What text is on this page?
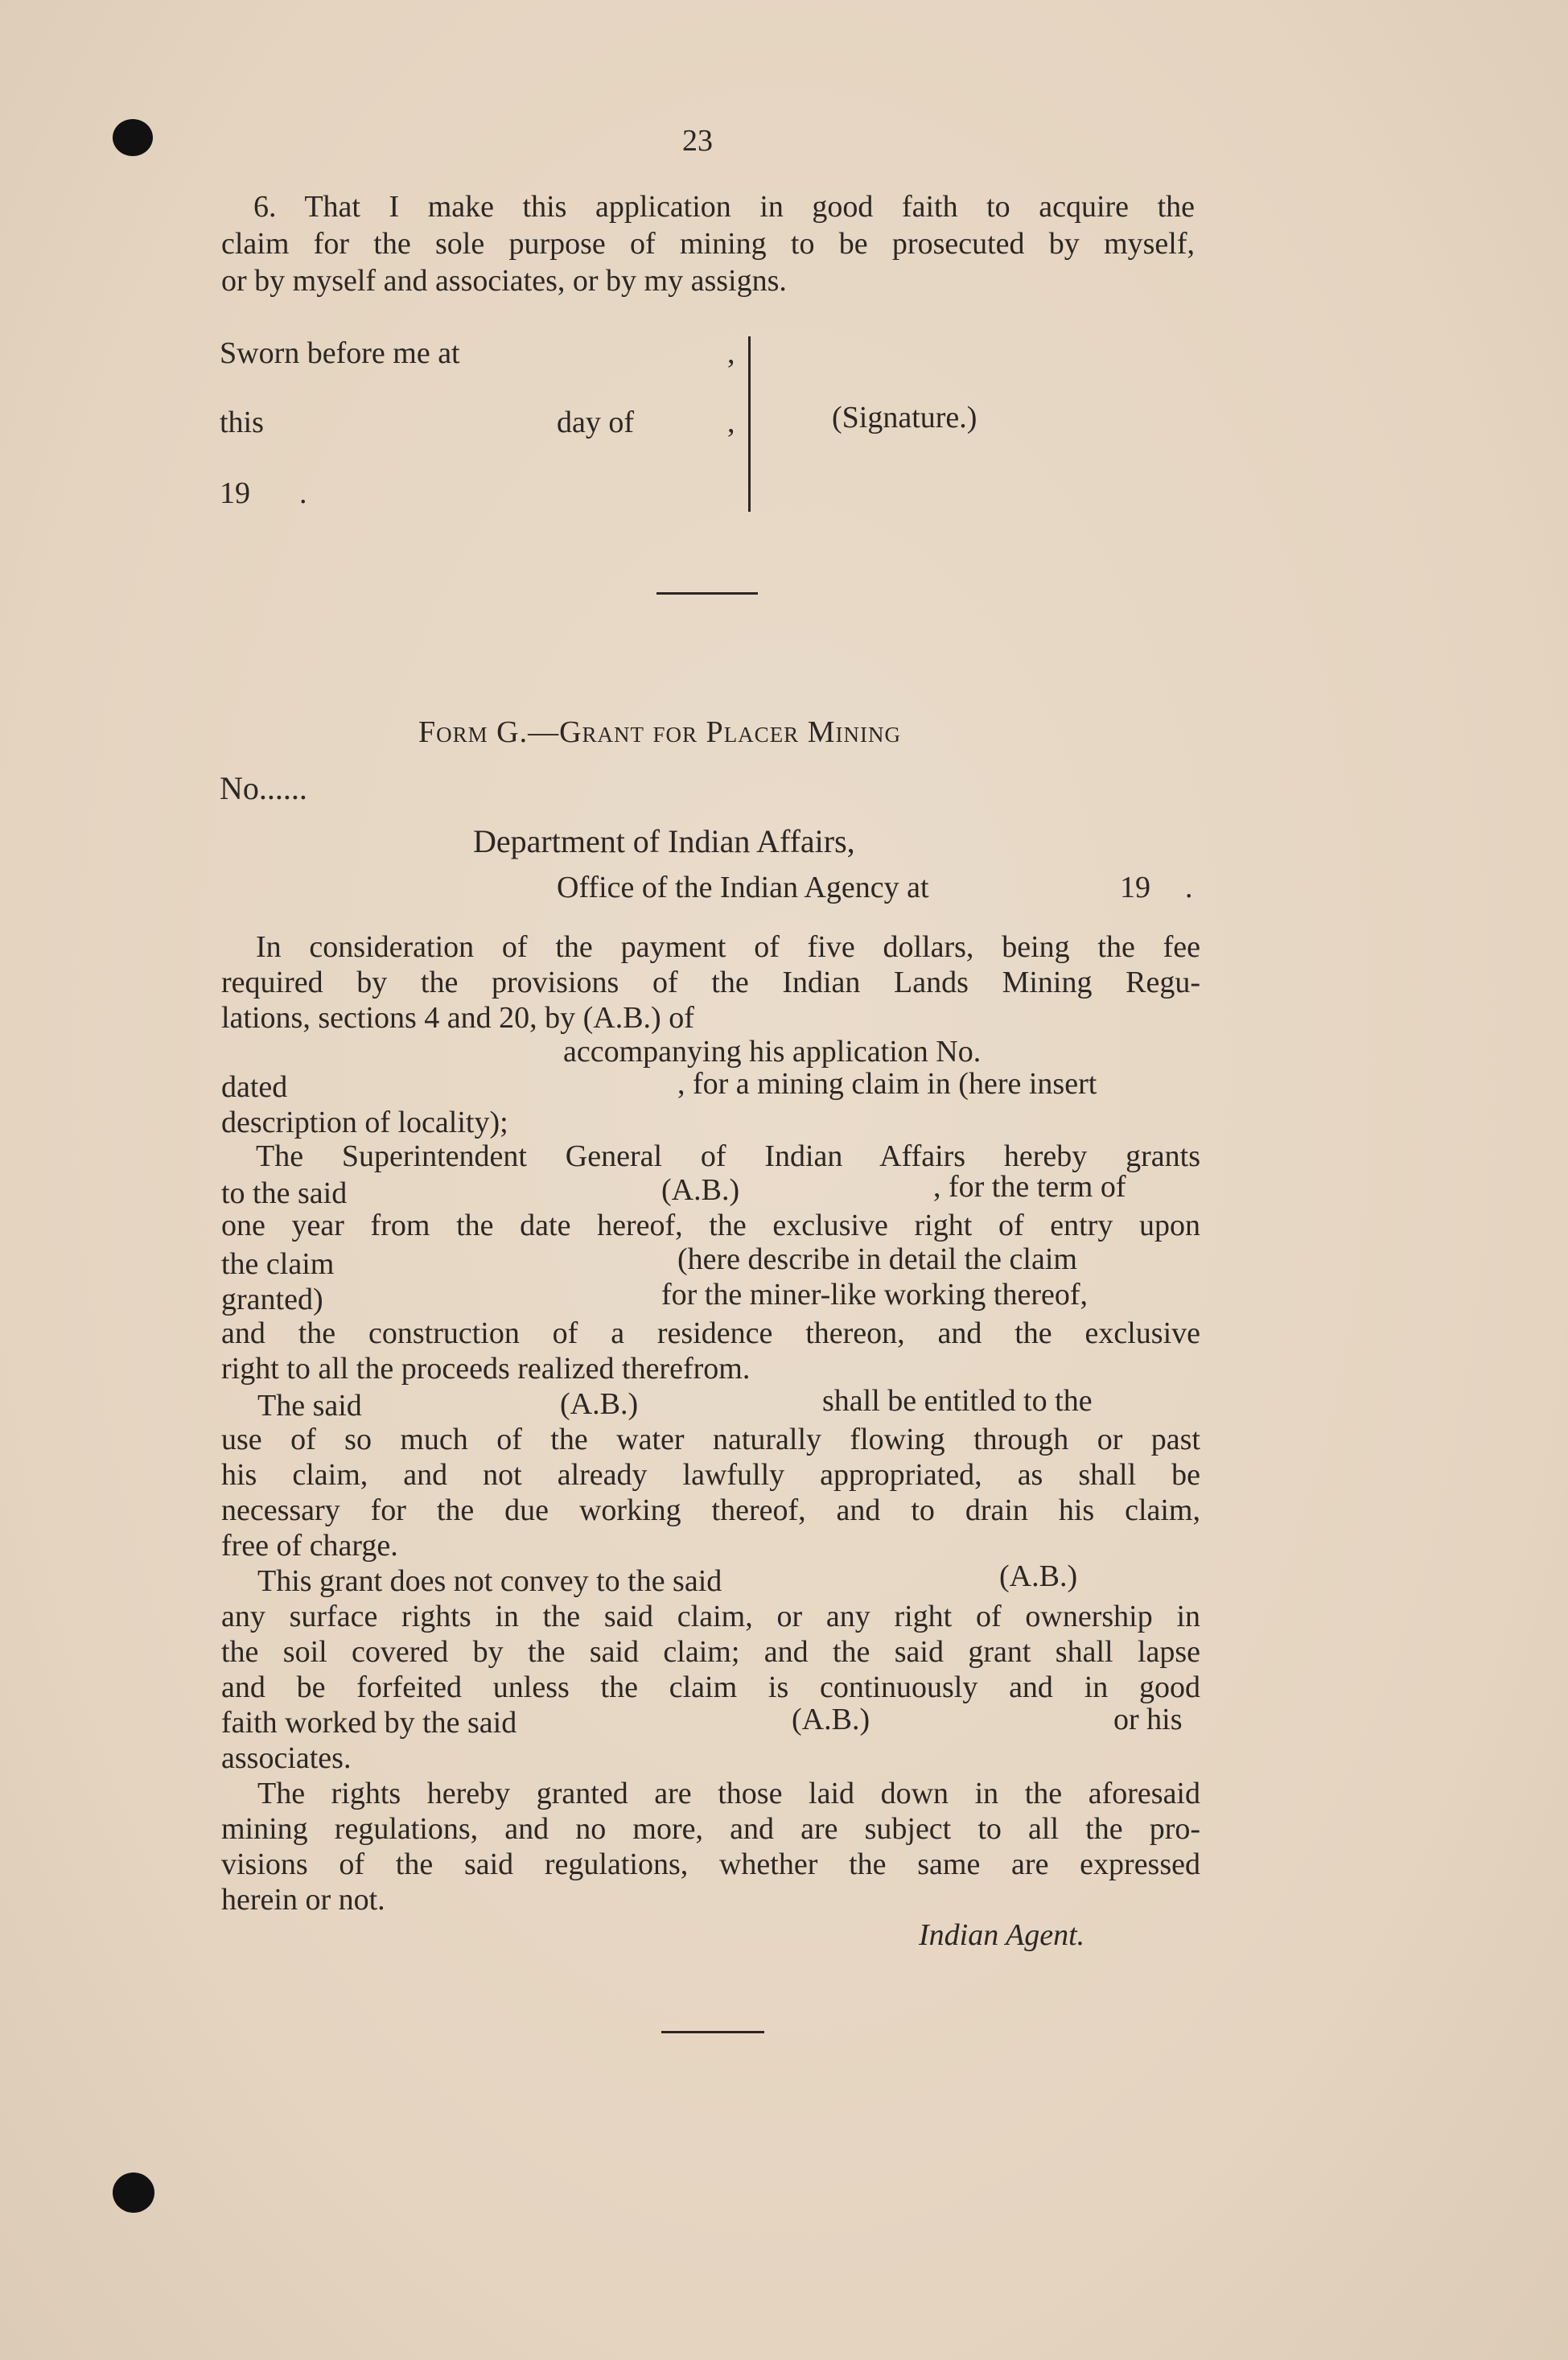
23
6. That I make this application in good faith to acquire the
claim for the sole purpose of mining to be prosecuted by myself,
or by myself and associates, or by my assigns.
Sworn before me at	,
this	day of	,
19 .
(Signature.)
Form G.—Grant for Placer Mining
No......
Department of Indian Affairs,
Office of the Indian Agency at	19 .
In consideration of the payment of five dollars, being the fee
required by the provisions of the Indian Lands Mining Regu-
lations, sections 4 and 20, by (A.B.) of
accompanying his application No.
dated	, for a mining claim in (here insert
description of locality);
The Superintendent General of Indian Affairs hereby grants
to the said	(A.B.)	, for the term of
one year from the date hereof, the exclusive right of entry upon
the claim	(here describe in detail the claim
granted)	for the miner-like working thereof,
and the construction of a residence thereon, and the exclusive
right to all the proceeds realized therefrom.
The said	(A.B.)	shall be entitled to the
use of so much of the water naturally flowing through or past
his claim, and not already lawfully appropriated, as shall be
necessary for the due working thereof, and to drain his claim,
free of charge.
This grant does not convey to the said	(A.B.)
any surface rights in the said claim, or any right of ownership in
the soil covered by the said claim; and the said grant shall lapse
and be forfeited unless the claim is continuously and in good
faith worked by the said	(A.B.)	or his
associates.
The rights hereby granted are those laid down in the aforesaid
mining regulations, and no more, and are subject to all the pro-
visions of the said regulations, whether the same are expressed
herein or not.
Indian Agent.
